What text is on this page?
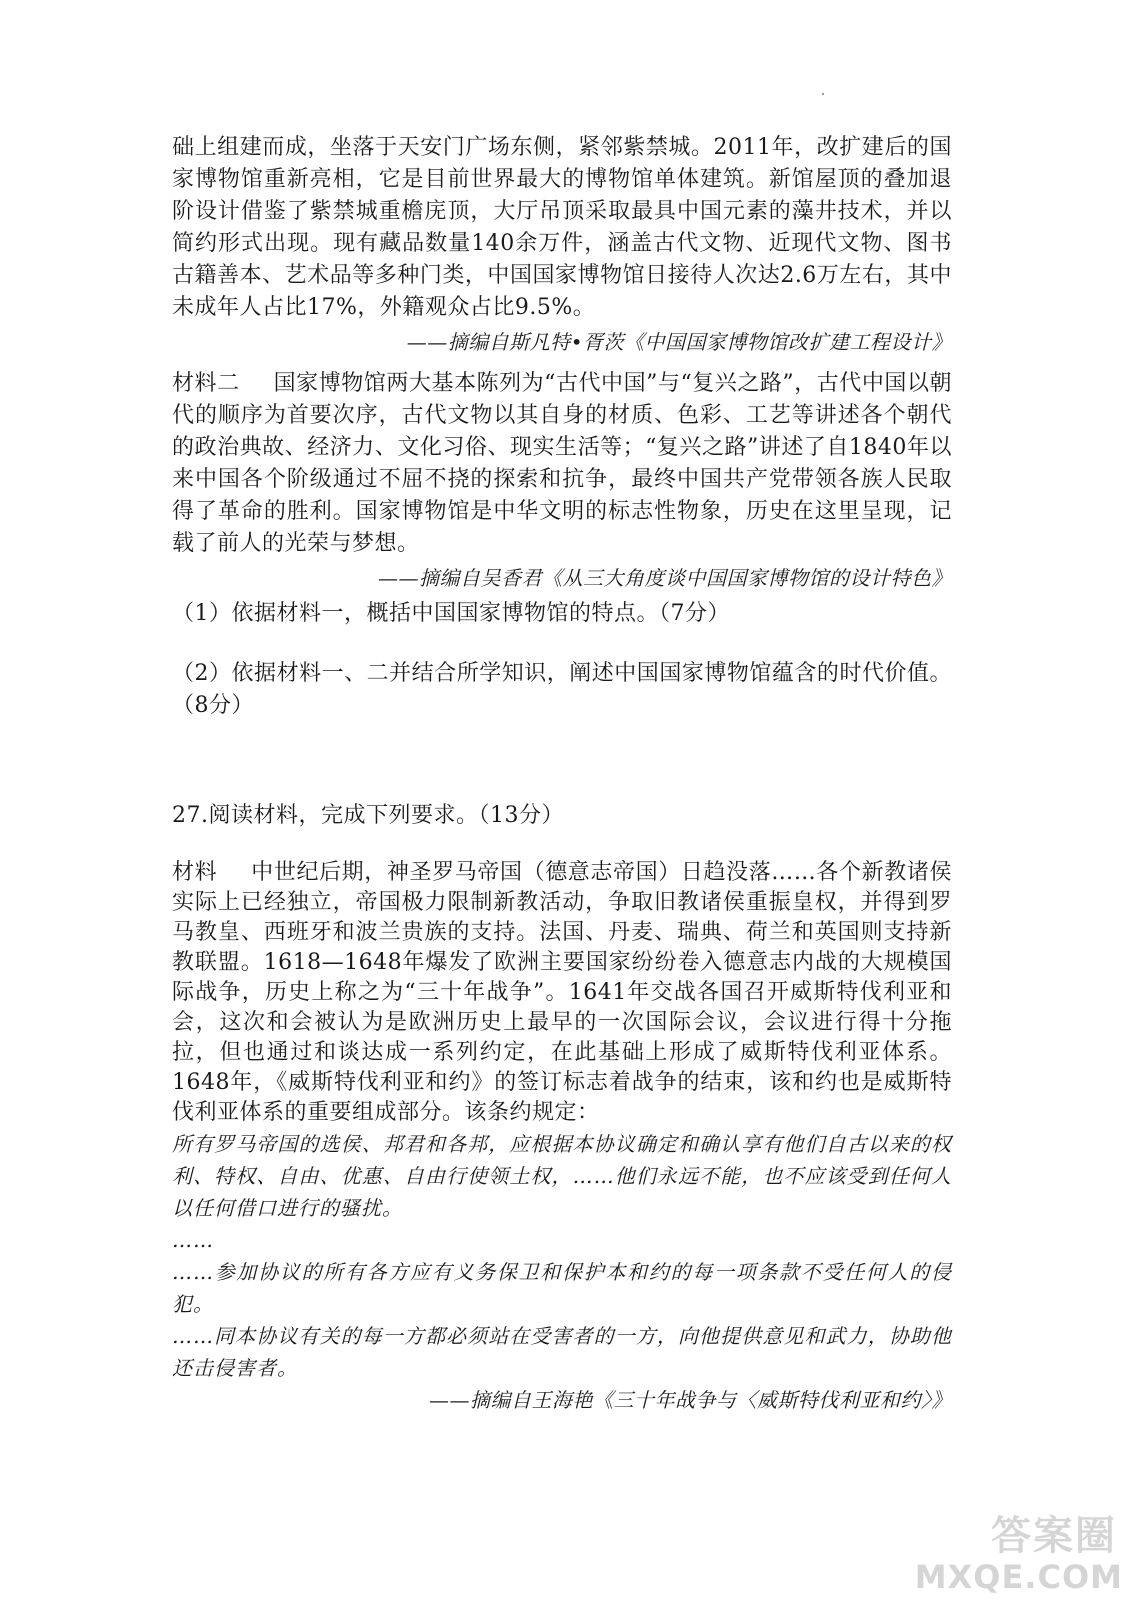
础上组建而成，坐落于天安门广场东侧，紧邻紫禁城。2011年，改扩建后的国家博物馆重新亮相，它是目前世界最大的博物馆单体建筑。新馆屋顶的叠加退阶设计借鉴了紫禁城重檐庑顶，大厅吊顶采取最具中国元素的藻井技术，并以简约形式出现。现有藏品数量140余万件，涵盖古代文物、近现代文物、图书古籍善本、艺术品等多种门类，中国国家博物馆日接待人次达2.6万左右，其中未成年人占比17%，外籍观众占比9.5%。

——摘编自斯凡特•胥茨《中国国家博物馆改扩建工程设计》

材料二 国家博物馆两大基本陈列为“古代中国”与“复兴之路”，古代中国以朝代的顺序为首要次序，古代文物以其自身的材质、色彩、工艺等讲述各个朝代的政治典故、经济力、文化习俗、现实生活等；“复兴之路”讲述了自1840年以来中国各个阶级通过不屈不挠的探索和抗争，最终中国共产党带领各族人民取得了革命的胜利。国家博物馆是中华文明的标志性物象，历史在这里呈现，记载了前人的光荣与梦想。

——摘编自吴香君《从三大角度谈中国国家博物馆的设计特色》

（1）依据材料一，概括中国国家博物馆的特点。（7分）

（2）依据材料一、二并结合所学知识，阐述中国国家博物馆蕴含的时代价值。（8分）

27.阅读材料，完成下列要求。（13分）

材料 中世纪后期，神圣罗马帝国（德意志帝国）日趋没落……各个新教诸侯实际上已经独立，帝国极力限制新教活动，争取旧教诸侯重振皇权，并得到罗马教皇、西班牙和波兰贵族的支持。法国、丹麦、瑞典、荷兰和英国则支持新教联盟。1618—1648年爆发了欧洲主要国家纷纷卷入德意志内战的大规模国际战争，历史上称之为“三十年战争”。1641年交战各国召开威斯特伐利亚和会，这次和会被认为是欧洲历史上最早的一次国际会议，会议进行得十分拖拉，但也通过和谈达成一系列约定，在此基础上形成了威斯特伐利亚体系。1648年，《威斯特伐利亚和约》的签订标志着战争的结束，该和约也是威斯特伐利亚体系的重要组成部分。该条约规定：

所有罗马帝国的选侯、邦君和各邦，应根据本协议确定和确认享有他们自古以来的权利、特权、自由、优惠、自由行使领土权，……他们永远不能，也不应该受到任何人以任何借口进行的骚扰。

……

……参加协议的所有各方应有义务保卫和保护本和约的每一项条款不受任何人的侵犯。

……同本协议有关的每一方都必须站在受害者的一方，向他提供意见和武力，协助他还击侵害者。

——摘编自王海艳《三十年战争与〈威斯特伐利亚和约〉》

答案圈
MXQE.COM
